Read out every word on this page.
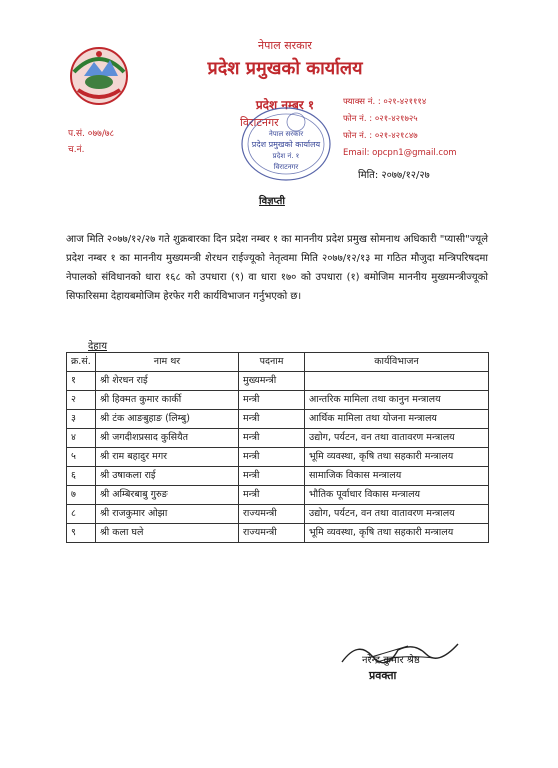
नेपाल सरकार
प्रदेश प्रमुखको कार्यालय
प्रदेश नम्बर १
विराटनगर
नेपाल सरकार
प्रदेश प्रमुखको कार्यालय
प्रदेश नं. १
विराटनगर
फ्याक्स नं. : ०२१-४२१११४
फोन नं. : ०२१-४२१७२५
फोन नं. : ०२१-४२१८४७
Email: opcpn1@gmail.com
प.सं. ०७७/७८
च.नं.
मिति: २०७७/१२/२७
विज्ञप्ती
आज मिति २०७७/१२/२७ गते शुक्रबारका दिन प्रदेश नम्बर १ का माननीय प्रदेश प्रमुख सोमनाथ अधिकारी "प्यासी"ज्यूले प्रदेश नम्बर १ का माननीय मुख्यमन्त्री शेरधन राईज्यूको नेतृत्वमा मिति २०७७/१२/१३ मा गठित मौजुदा मन्त्रिपरिषदमा नेपालको संविधानको धारा १६८ को उपधारा (९) वा धारा १७० को उपधारा (१) बमोजिम माननीय मुख्यमन्त्रीज्यूको सिफारिसमा देहायबमोजिम हेरफेर गरी कार्यविभाजन गर्नुभएको छ।
देहाय
क्र.सं.	नाम थर	पदनाम	कार्यविभाजन
१	श्री शेरधन राई	मुख्यमन्त्री	
२	श्री हिक्मत कुमार कार्की	मन्त्री	आन्तरिक मामिला तथा कानुन मन्त्रालय
३	श्री टंक आङबुहाङ (लिम्बु)	मन्त्री	आर्थिक मामिला तथा योजना मन्त्रालय
४	श्री जगदीशप्रसाद कुसियैत	मन्त्री	उद्योग, पर्यटन, वन तथा वातावरण मन्त्रालय
५	श्री राम बहादुर मगर	मन्त्री	भूमि व्यवस्था, कृषि तथा सहकारी मन्त्रालय
६	श्री उषाकला राई	मन्त्री	सामाजिक विकास मन्त्रालय
७	श्री अम्बिरबाबु गुरुङ	मन्त्री	भौतिक पूर्वाधार विकास मन्त्रालय
८	श्री राजकुमार ओझा	राज्यमन्त्री	उद्योग, पर्यटन, वन तथा वातावरण मन्त्रालय
९	श्री कला घले	राज्यमन्त्री	भूमि व्यवस्था, कृषि तथा सहकारी मन्त्रालय
नरेन्द्र कुमार श्रेष्ठ
प्रवक्ता
